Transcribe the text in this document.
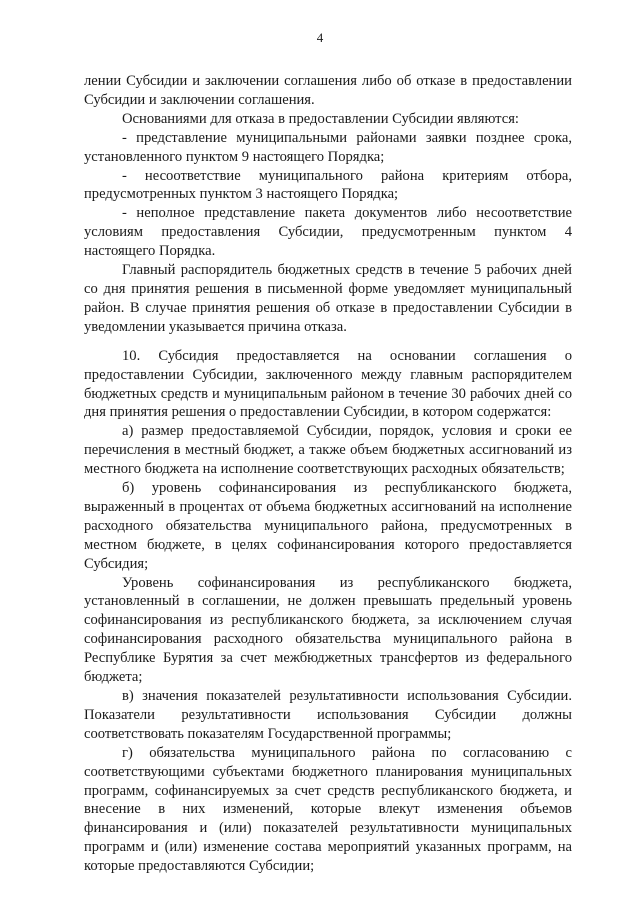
4

лении Субсидии и заключении соглашения либо об отказе в предоставлении Субсидии и заключении соглашения.

Основаниями для отказа в предоставлении Субсидии являются:

- представление муниципальными районами заявки позднее срока, установленного пунктом 9 настоящего Порядка;

- несоответствие муниципального района критериям отбора, предусмотренных пунктом 3 настоящего Порядка;

- неполное представление пакета документов либо несоответствие условиям предоставления Субсидии, предусмотренным пунктом 4 настоящего Порядка.

Главный распорядитель бюджетных средств в течение 5 рабочих дней со дня принятия решения в письменной форме уведомляет муниципальный район. В случае принятия решения об отказе в предоставлении Субсидии в уведомлении указывается причина отказа.

10. Субсидия предоставляется на основании соглашения о предоставлении Субсидии, заключенного между главным распорядителем бюджетных средств и муниципальным районом в течение 30 рабочих дней со дня принятия решения о предоставлении Субсидии, в котором содержатся:

а) размер предоставляемой Субсидии, порядок, условия и сроки ее перечисления в местный бюджет, а также объем бюджетных ассигнований из местного бюджета на исполнение соответствующих расходных обязательств;

б) уровень софинансирования из республиканского бюджета, выраженный в процентах от объема бюджетных ассигнований на исполнение расходного обязательства муниципального района, предусмотренных в местном бюджете, в целях софинансирования которого предоставляется Субсидия;

Уровень софинансирования из республиканского бюджета, установленный в соглашении, не должен превышать предельный уровень софинансирования из республиканского бюджета, за исключением случая софинансирования расходного обязательства муниципального района в Республике Бурятия за счет межбюджетных трансфертов из федерального бюджета;

в) значения показателей результативности использования Субсидии. Показатели результативности использования Субсидии должны соответствовать показателям Государственной программы;

г) обязательства муниципального района по согласованию с соответствующими субъектами бюджетного планирования муниципальных программ, софинансируемых за счет средств республиканского бюджета, и внесение в них изменений, которые влекут изменения объемов финансирования и (или) показателей результативности муниципальных программ и (или) изменение состава мероприятий указанных программ, на которые предоставляются Субсидии;
